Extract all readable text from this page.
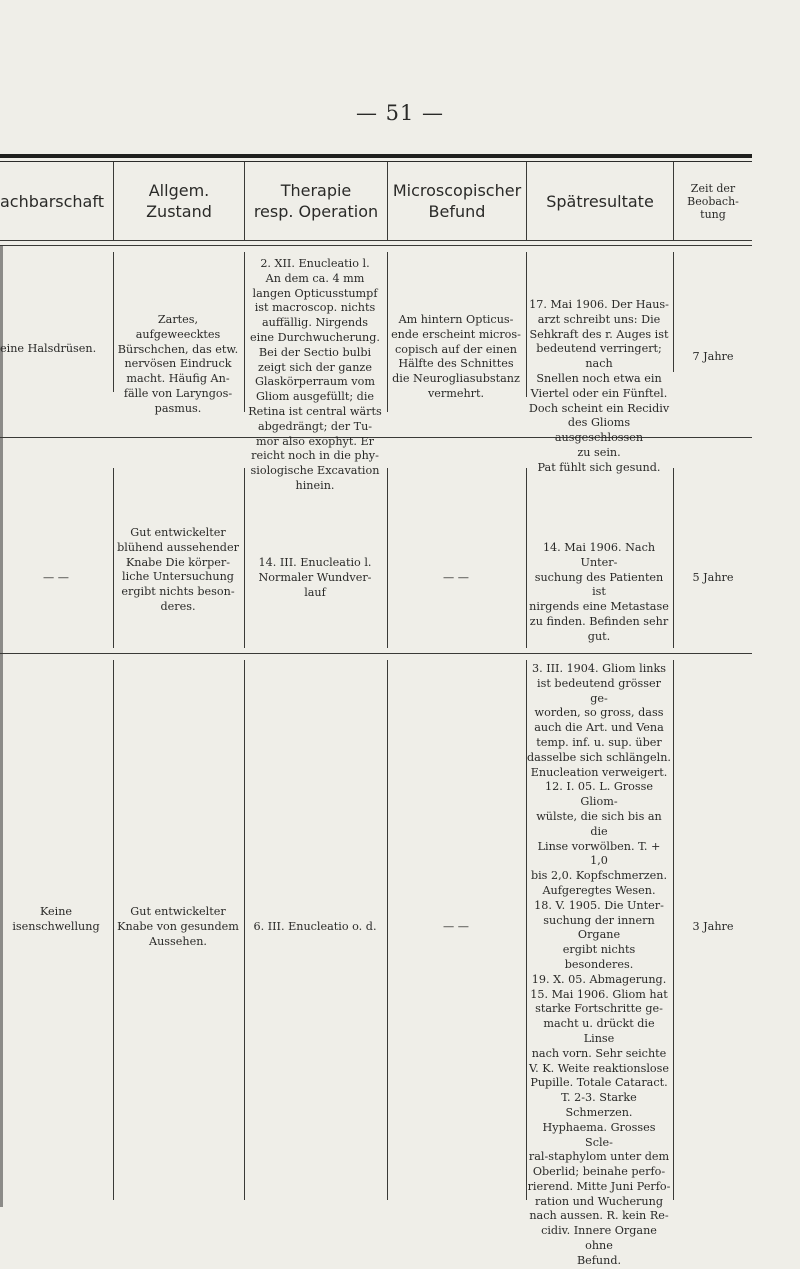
— 51 —
achbarschaft
Allgem. Zustand
Therapie
resp. Operation
Microscopischer
Befund
Spätresultate
Zeit der
Beobach-
tung
eine Halsdrüsen.
Zartes, aufgeweecktes
Bürschchen, das etw.
nervösen Eindruck
macht. Häufig An-
fälle von Laryngos-
pasmus.
2. XII. Enucleatio l.
An dem ca. 4 mm
langen Opticusstumpf
ist macroscop. nichts
auffällig. Nirgends
eine Durchwucherung.
Bei der Sectio bulbi
zeigt sich der ganze
Glaskörperraum vom
Gliom ausgefüllt; die
Retina ist central wärts
abgedrängt; der Tu-
mor also exophyt. Er
reicht noch in die phy-
siologische Excavation
hinein.
Am hintern Opticus-
ende erscheint micros-
copisch auf der einen
Hälfte des Schnittes
die Neurogliasubstanz
vermehrt.
17. Mai 1906. Der Haus-
arzt schreibt uns: Die
Sehkraft des r. Auges ist
bedeutend verringert; nach
Snellen noch etwa ein
Viertel oder ein Fünftel.
Doch scheint ein Recidiv
des Glioms ausgeschlossen
zu sein.
Pat fühlt sich gesund.
7 Jahre
— —
Gut entwickelter
blühend aussehender
Knabe Die körper-
liche Untersuchung
ergibt nichts beson-
deres.
14. III. Enucleatio l.
Normaler Wundver-
lauf
— —
14. Mai 1906. Nach Unter-
suchung des Patienten ist
nirgends eine Metastase
zu finden. Befinden sehr
gut.
5 Jahre
Keine
isenschwellung
Gut entwickelter
Knabe von gesundem
Aussehen.
6. III. Enucleatio o. d.	— —
3. III. 1904. Gliom links
ist bedeutend grösser ge-
worden, so gross, dass
auch die Art. und Vena
temp. inf. u. sup. über
dasselbe sich schlängeln.
Enucleation verweigert.
12. I. 05. L. Grosse Gliom-
wülste, die sich bis an die
Linse vorwölben. T. + 1,0
bis 2,0. Kopfschmerzen.
Aufgeregtes Wesen.
18. V. 1905. Die Unter-
suchung der innern Organe
ergibt nichts besonderes.
19. X. 05. Abmagerung.
15. Mai 1906. Gliom hat
starke Fortschritte ge-
macht u. drückt die Linse
nach vorn. Sehr seichte
V. K. Weite reaktionslose
Pupille. Totale Cataract.
T. 2-3. Starke Schmerzen.
Hyphaema. Grosses Scle-
ral-staphylom unter dem
Oberlid; beinahe perfo-
rierend. Mitte Juni Perfo-
ration und Wucherung
nach aussen. R. kein Re-
cidiv. Innere Organe ohne
Befund.
3 Jahre
